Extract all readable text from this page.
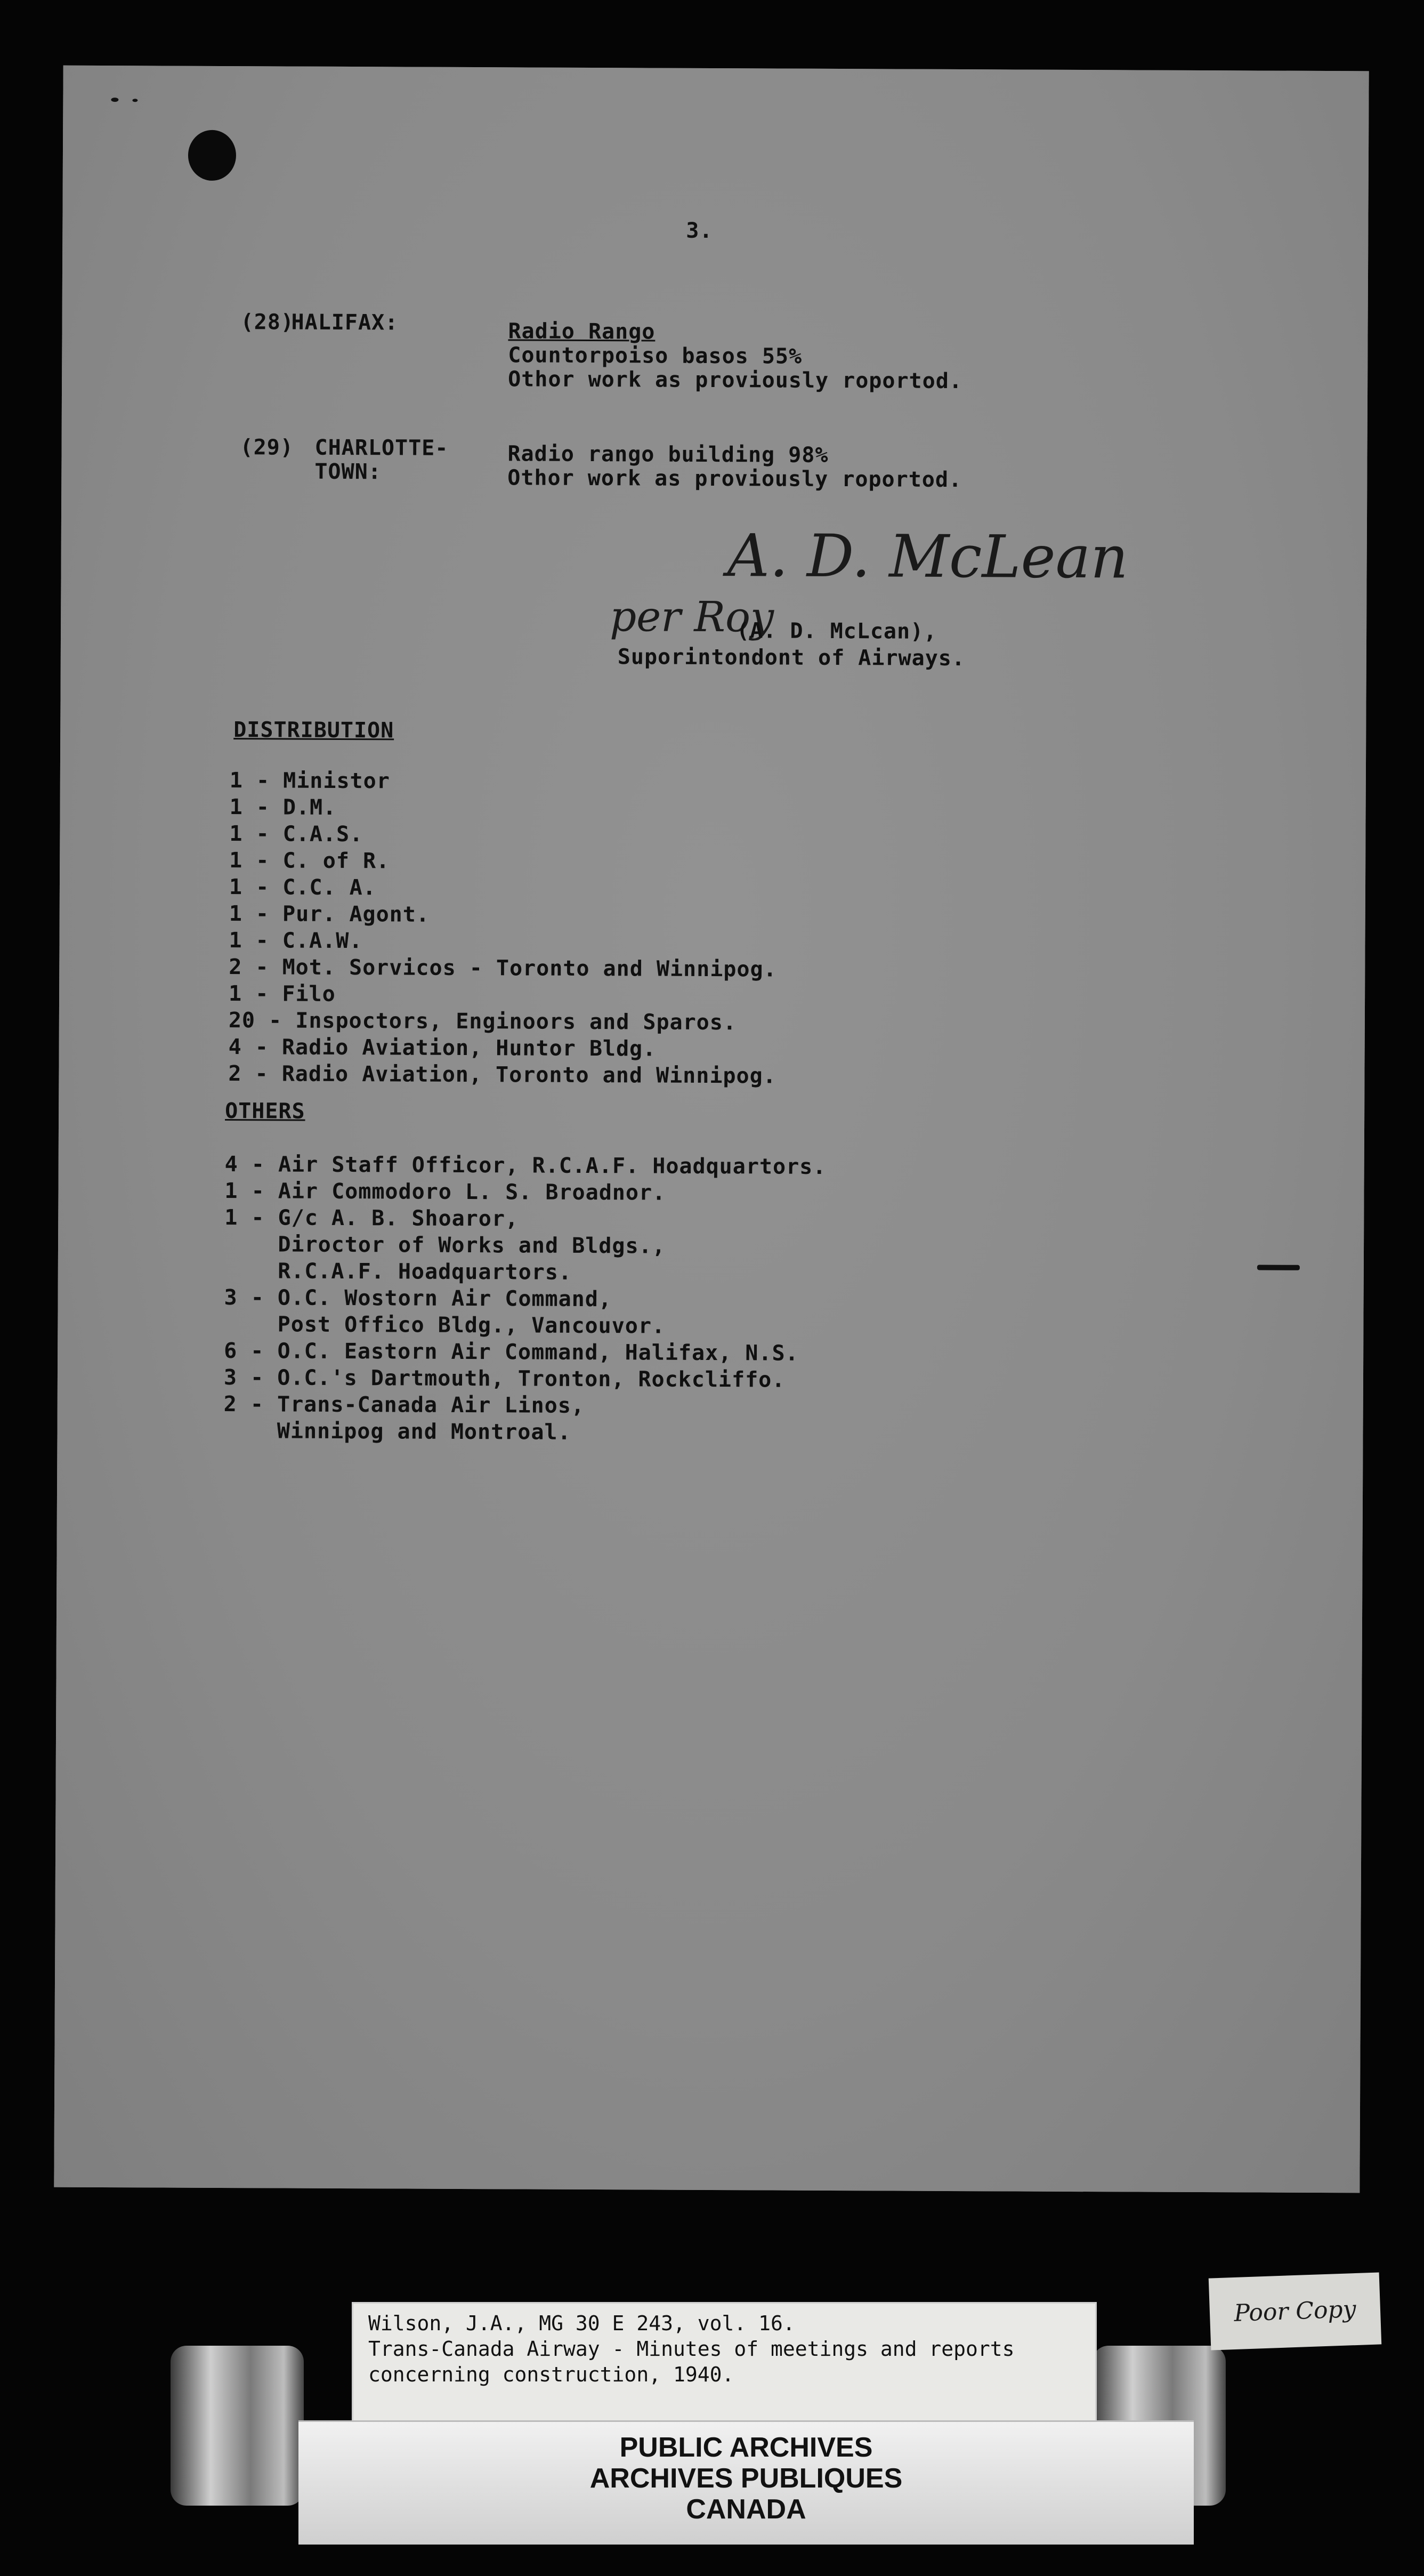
3.
(28)
HALIFAX:	Radio Rango
Countorpoiso basos 55%
Othor work as proviously roportod.
(29) CHARLOTTE-
TOWN:
Radio rango building 98%
Othor work as proviously roportod.
A. D. McLean
per Roy
(A. D. McLcan),
Suporintondont of Airways.
DISTRIBUTION
1 - Ministor
1 - D.M.
1 - C.A.S.
1 - C. of R.
1 - C.C. A.
1 - Pur. Agont.
1 - C.A.W.
2 - Mot. Sorvicos - Toronto and Winnipog.
1 - Filo
20 - Inspoctors, Enginoors and Sparos.
4 - Radio Aviation, Huntor Bldg.
2 - Radio Aviation, Toronto and Winnipog.
OTHERS
4 - Air Staff Officor, R.C.A.F. Hoadquartors.
1 - Air Commodoro L. S. Broadnor.
1 - G/c A. B. Shoaror,
Diroctor of Works and Bldgs.,
R.C.A.F. Hoadquartors.
3 - O.C. Wostorn Air Command,
Post Offico Bldg., Vancouvor.
6 - O.C. Eastorn Air Command, Halifax, N.S.
3 - O.C.'s Dartmouth, Tronton, Rockcliffo.
2 - Trans-Canada Air Linos,
Winnipog and Montroal.
Wilson, J.A., MG 30 E 243, vol. 16.
Trans-Canada Airway - Minutes of meetings and reports
concerning construction, 1940.
Poor Copy
PUBLIC ARCHIVES
ARCHIVES PUBLIQUES
CANADA
